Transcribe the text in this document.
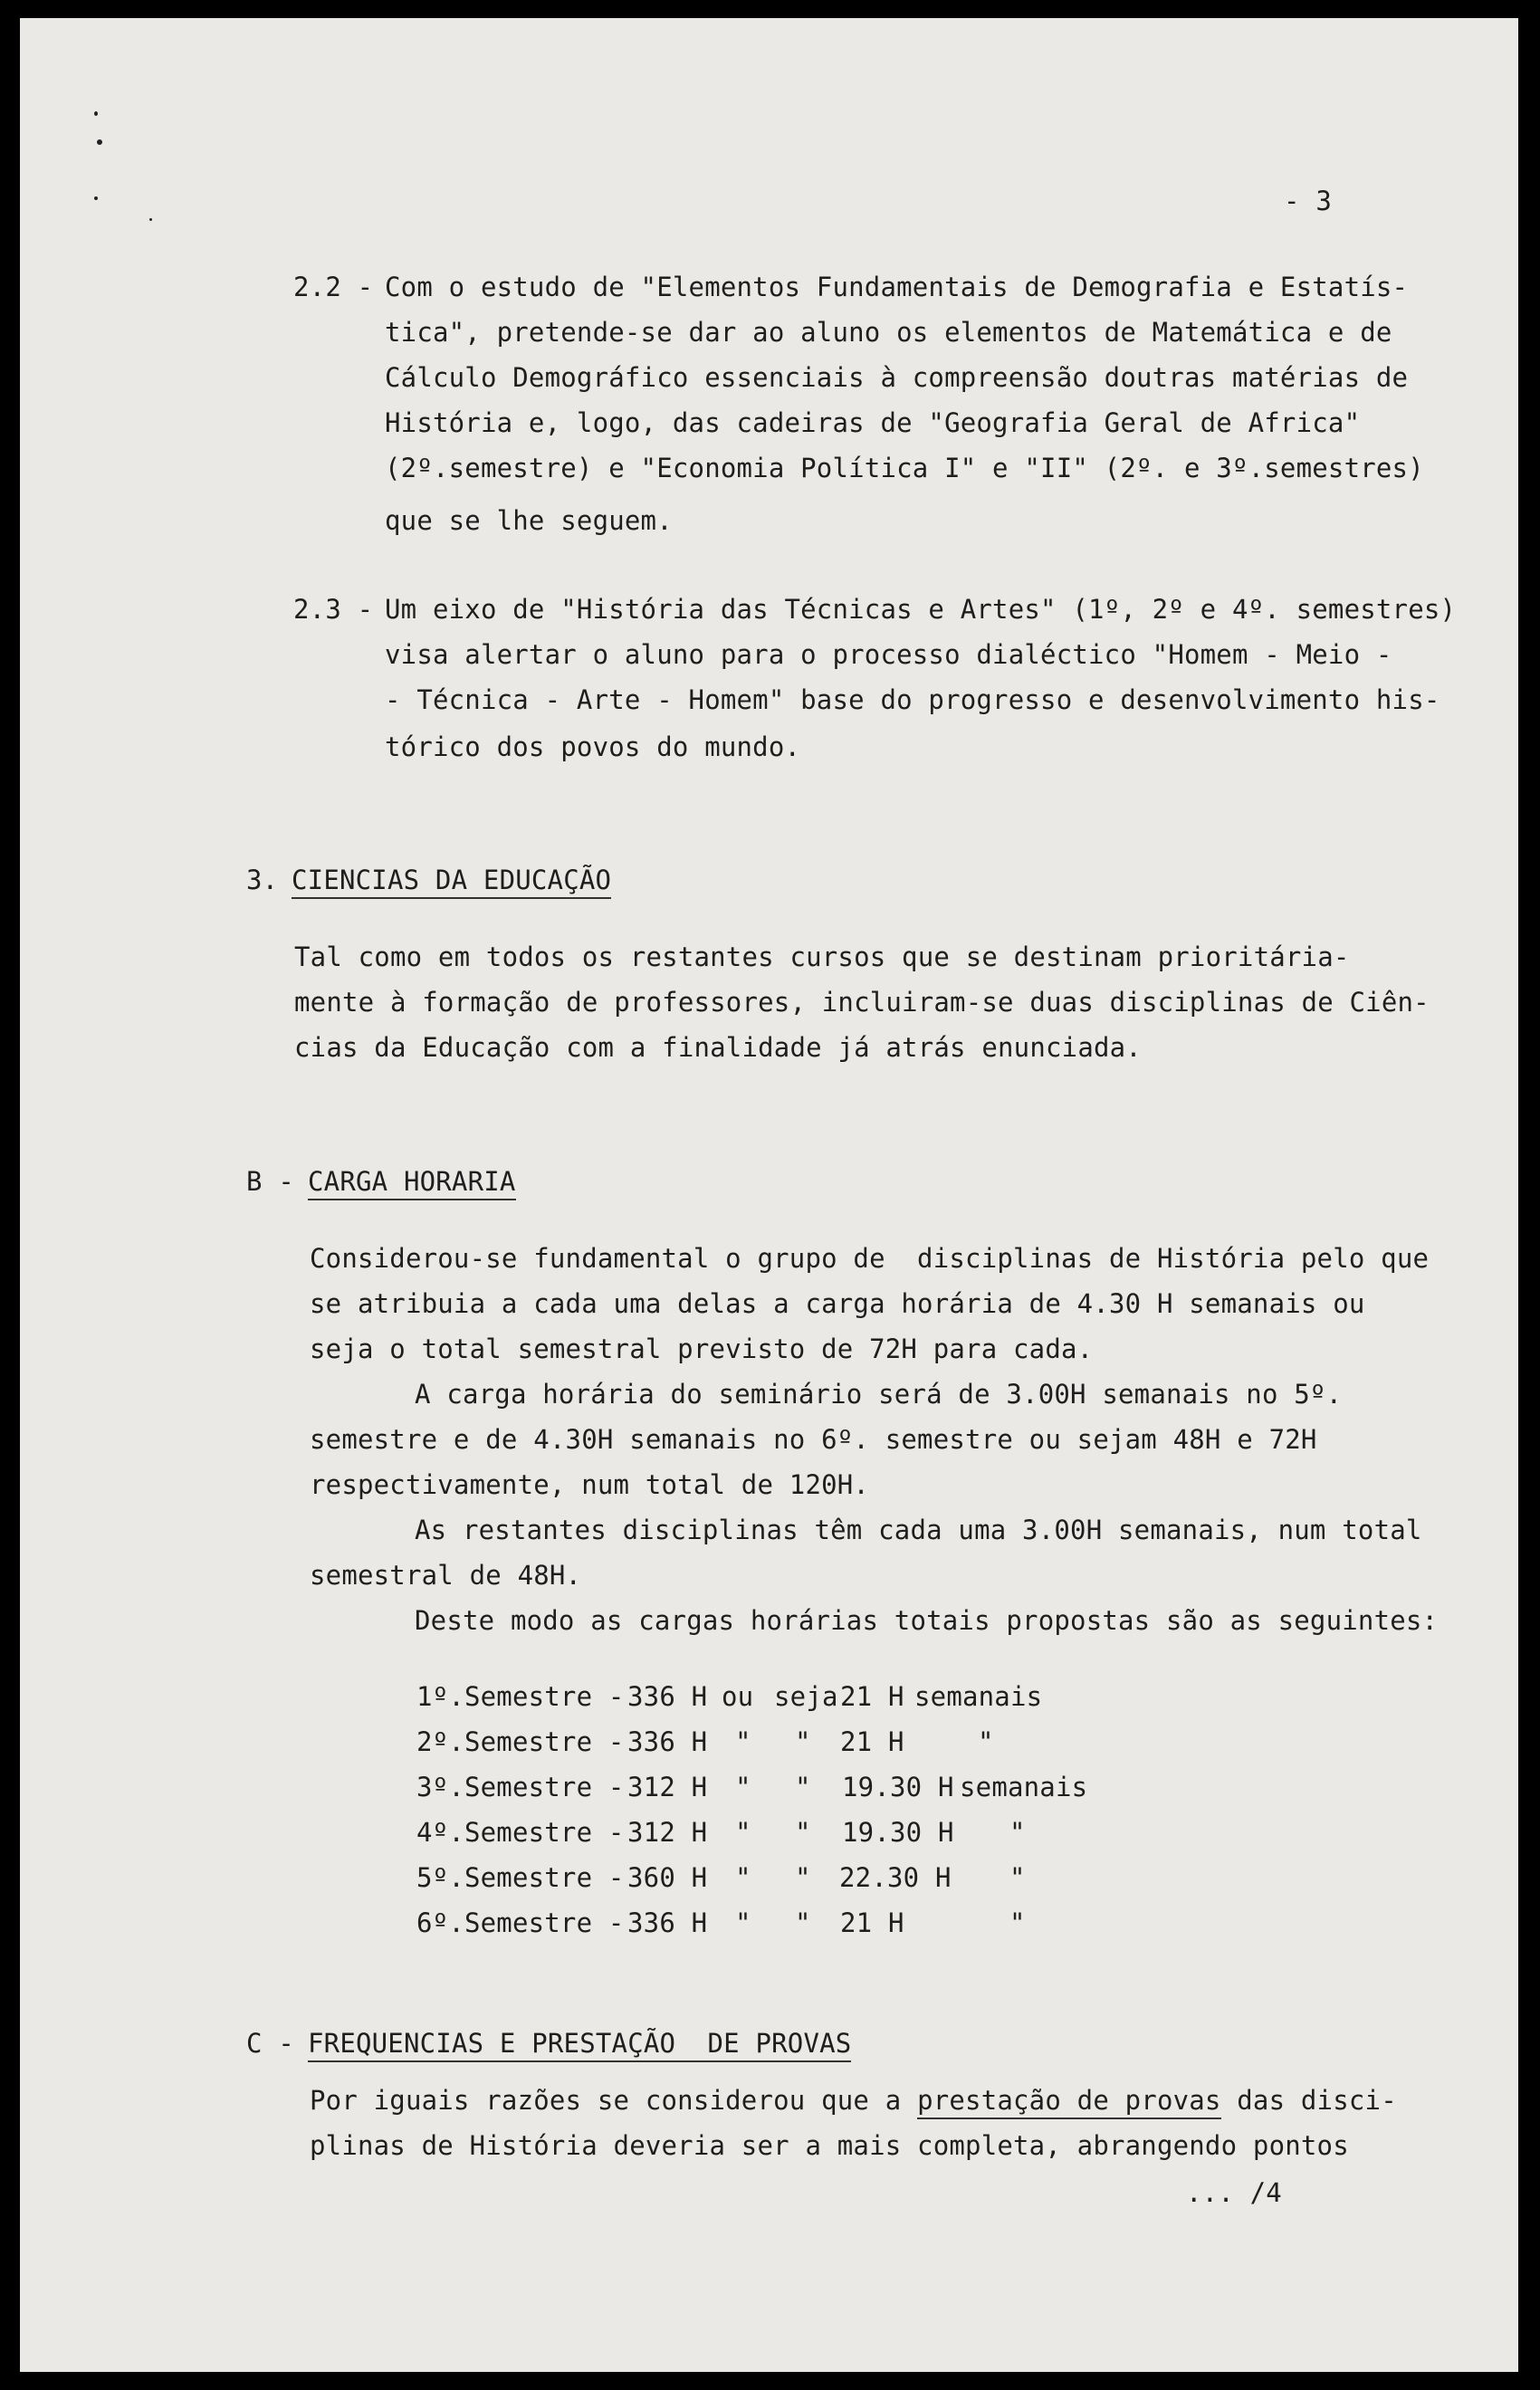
- 3
2.2 - Com o estudo de "Elementos Fundamentais de Demografia e Estatís-
tica", pretende-se dar ao aluno os elementos de Matemática e de
Cálculo Demográfico essenciais à compreensão doutras matérias de
História e, logo, das cadeiras de "Geografia Geral de Africa"
(2º.semestre) e "Economia Política I" e "II" (2º. e 3º.semestres)
que se lhe seguem.
2.3 - Um eixo de "História das Técnicas e Artes" (1º, 2º e 4º. semestres)
visa alertar o aluno para o processo dialéctico "Homem - Meio -
- Técnica - Arte - Homem" base do progresso e desenvolvimento his-
tórico dos povos do mundo.
3. CIENCIAS DA EDUCAÇÃO
Tal como em todos os restantes cursos que se destinam prioritária-
mente à formação de professores, incluiram-se duas disciplinas de Ciên-
cias da Educação com a finalidade já atrás enunciada.
B - CARGA HORARIA
Considerou-se fundamental o grupo de  disciplinas de História pelo que
se atribuia a cada uma delas a carga horária de 4.30 H semanais ou
seja o total semestral previsto de 72H para cada.
A carga horária do seminário será de 3.00H semanais no 5º.
semestre e de 4.30H semanais no 6º. semestre ou sejam 48H e 72H
respectivamente, num total de 120H.
As restantes disciplinas têm cada uma 3.00H semanais, num total
semestral de 48H.
Deste modo as cargas horárias totais propostas são as seguintes:
1º.Semestre - 336 H ou seja 21 H semanais
2º.Semestre - 336 H " " 21 H	"
3º.Semestre - 312 H " " 19.30 H semanais
4º.Semestre - 312 H " " 19.30 H "
5º.Semestre - 360 H " " 22.30 H "
6º.Semestre - 336 H " " 21 H	"
C - FREQUENCIAS E PRESTAÇÃO  DE PROVAS
Por iguais razões se considerou que a prestação de provas das disci-
plinas de História deveria ser a mais completa, abrangendo pontos
... /4
